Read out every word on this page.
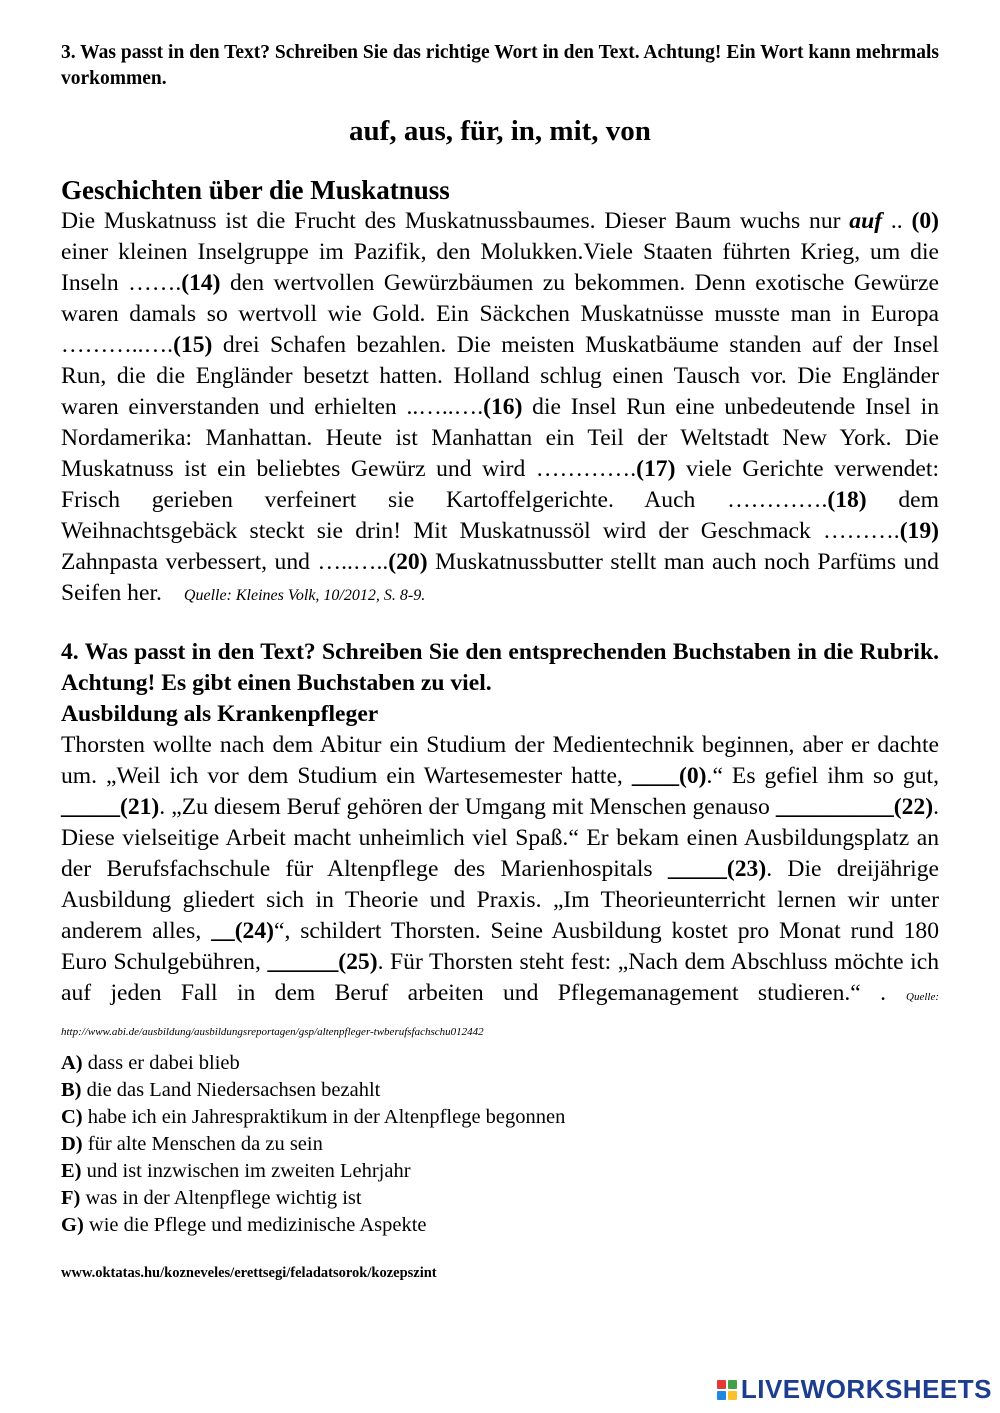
3. Was passt in den Text? Schreiben Sie das richtige Wort in den Text. Achtung! Ein Wort kann mehrmals vorkommen.

auf, aus, für, in, mit, von
Geschichten über die Muskatnuss
Die Muskatnuss ist die Frucht des Muskatnussbaumes. Dieser Baum wuchs nur auf .. (0) einer kleinen Inselgruppe im Pazifik, den Molukken.Viele Staaten führten Krieg, um die Inseln …….(14) den wertvollen Gewürzbäumen zu bekommen. Denn exotische Gewürze waren damals so wertvoll wie Gold. Ein Säckchen Muskatnüsse musste man in Europa ………..….(15) drei Schafen bezahlen. Die meisten Muskatbäume standen auf der Insel Run, die die Engländer besetzt hatten. Holland schlug einen Tausch vor. Die Engländer waren einverstanden und erhielten ..…..….(16) die Insel Run eine unbedeutende Insel in Nordamerika: Manhattan. Heute ist Manhattan ein Teil der Weltstadt New York. Die Muskatnuss ist ein beliebtes Gewürz und wird ………….(17) viele Gerichte verwendet: Frisch gerieben verfeinert sie Kartoffelgerichte. Auch ………….(18) dem Weihnachtsgebäck steckt sie drin! Mit Muskatnussöl wird der Geschmack ……….(19) Zahnpasta verbessert, und …..…..(20) Muskatnussbutter stellt man auch noch Parfüms und Seifen her. Quelle: Kleines Volk, 10/2012, S. 8-9.
4. Was passt in den Text? Schreiben Sie den entsprechenden Buchstaben in die Rubrik. Achtung! Es gibt einen Buchstaben zu viel.
Ausbildung als Krankenpfleger
Thorsten wollte nach dem Abitur ein Studium der Medientechnik beginnen, aber er dachte um. „Weil ich vor dem Studium ein Wartesemester hatte, ____(0).“ Es gefiel ihm so gut, _____(21). „Zu diesem Beruf gehören der Umgang mit Menschen genauso __________(22). Diese vielseitige Arbeit macht unheimlich viel Spaß.“ Er bekam einen Ausbildungsplatz an der Berufsfachschule für Altenpflege des Marienhospitals _____(23). Die dreijährige Ausbildung gliedert sich in Theorie und Praxis. „Im Theorieunterricht lernen wir unter anderem alles, __(24)“, schildert Thorsten. Seine Ausbildung kostet pro Monat rund 180 Euro Schulgebühren, ______(25). Für Thorsten steht fest: „Nach dem Abschluss möchte ich auf jeden Fall in dem Beruf arbeiten und Pflegemanagement studieren.“ . Quelle: http://www.abi.de/ausbildung/ausbildungsreportagen/gsp/altenpfleger-twberufsfachschu012442
A) dass er dabei blieb
B) die das Land Niedersachsen bezahlt
C) habe ich ein Jahrespraktikum in der Altenpflege begonnen
D) für alte Menschen da zu sein
E) und ist inzwischen im zweiten Lehrjahr
F) was in der Altenpflege wichtig ist
G) wie die Pflege und medizinische Aspekte
www.oktatas.hu/kozneveles/erettsegi/feladatsorok/kozepszint
LIVEWORKSHEETS
